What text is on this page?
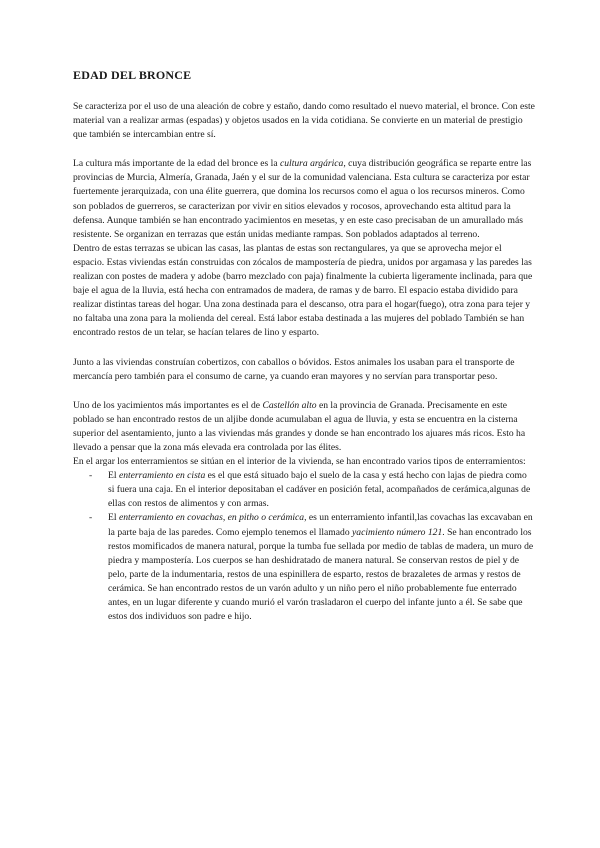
EDAD DEL BRONCE

Se caracteriza por el uso de una aleación de cobre y estaño, dando como resultado el nuevo material, el bronce. Con este material van a realizar armas (espadas) y objetos usados en la vida cotidiana. Se convierte en un material de prestigio que también se intercambian entre sí.

La cultura más importante de la edad del bronce es la cultura argárica, cuya distribución geográfica se reparte entre las provincias de Murcia, Almería, Granada, Jaén y el sur de la comunidad valenciana. Esta cultura se caracteriza por estar fuertemente jerarquizada, con una élite guerrera, que domina los recursos como el agua o los recursos mineros. Como son poblados de guerreros, se caracterizan por vivir en sitios elevados y rocosos, aprovechando esta altitud para la defensa. Aunque también se han encontrado yacimientos en mesetas, y en este caso precisaban de un amurallado más resistente. Se organizan en terrazas que están unidas mediante rampas. Son poblados adaptados al terreno.

Dentro de estas terrazas se ubican las casas, las plantas de estas son rectangulares, ya que se aprovecha mejor el espacio. Estas viviendas están construidas con zócalos de mampostería de piedra, unidos por argamasa y las paredes las realizan con postes de madera y adobe (barro mezclado con paja) finalmente la cubierta ligeramente inclinada, para que baje el agua de la lluvia, está hecha con entramados de madera, de ramas y de barro. El espacio estaba dividido para realizar distintas tareas del hogar. Una zona destinada para el descanso, otra para el hogar(fuego), otra zona para tejer y no faltaba una zona para la molienda del cereal. Está labor estaba destinada a las mujeres del poblado También se han encontrado restos de un telar, se hacían telares de lino y esparto.

Junto a las viviendas construían cobertizos, con caballos o bóvidos. Estos animales los usaban para el transporte de mercancía pero también para el consumo de carne, ya cuando eran mayores y no servían para transportar peso.

Uno de los yacimientos más importantes es el de Castellón alto en la provincia de Granada. Precisamente en este poblado se han encontrado restos de un aljibe donde acumulaban el agua de lluvia, y esta se encuentra en la cisterna superior del asentamiento, junto a las viviendas más grandes y donde se han encontrado los ajuares más ricos. Esto ha llevado a pensar que la zona más elevada era controlada por las élites.

En el argar los enterramientos se sitúan en el interior de la vivienda, se han encontrado varios tipos de enterramientos:

- El enterramiento en cista es el que está situado bajo el suelo de la casa y está hecho con lajas de piedra como si fuera una caja. En el interior depositaban el cadáver en posición fetal, acompañados de cerámica,algunas de ellas con restos de alimentos y con armas.
- El enterramiento en covachas, en pitho o cerámica, es un enterramiento infantil,las covachas las excavaban en la parte baja de las paredes. Como ejemplo tenemos el llamado yacimiento número 121. Se han encontrado los restos momificados de manera natural, porque la tumba fue sellada por medio de tablas de madera, un muro de piedra y mampostería. Los cuerpos se han deshidratado de manera natural. Se conservan restos de piel y de pelo, parte de la indumentaria, restos de una espinillera de esparto, restos de brazaletes de armas y restos de cerámica. Se han encontrado restos de un varón adulto y un niño pero el niño probablemente fue enterrado antes, en un lugar diferente y cuando murió el varón trasladaron el cuerpo del infante junto a él. Se sabe que estos dos individuos son padre e hijo.
